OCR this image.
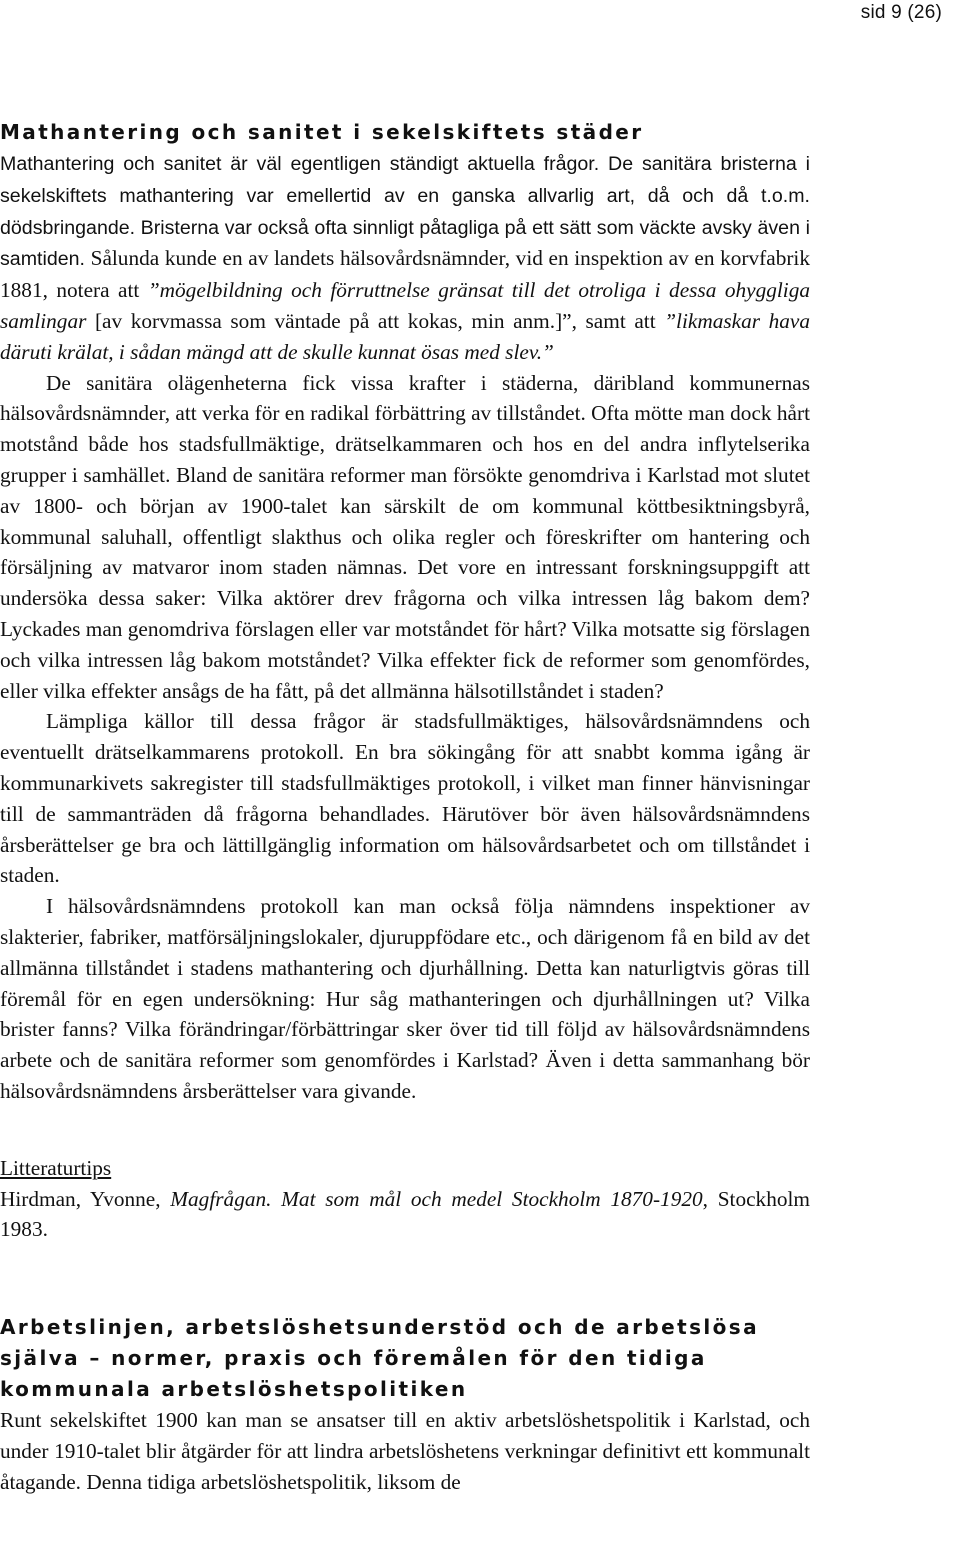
sid 9 (26)
Mathantering och sanitet i sekelskiftets städer

Mathantering och sanitet är väl egentligen ständigt aktuella frågor. De sanitära bristerna i sekelskiftets mathantering var emellertid av en ganska allvarlig art, då och då t.o.m. dödsbringande. Bristerna var också ofta sinnligt påtagliga på ett sätt som väckte avsky även i samtiden. Sålunda kunde en av landets hälsovårdsnämnder, vid en inspektion av en korvfabrik 1881, notera att ”mögelbildning och förruttnelse gränsat till det otroliga i dessa ohyggliga samlingar [av korvmassa som väntade på att kokas, min anm.]”, samt att ”likmaskar hava däruti krälat, i sådan mängd att de skulle kunnat ösas med slev.”

De sanitära olägenheterna fick vissa krafter i städerna, däribland kommunernas hälsovårdsnämnder, att verka för en radikal förbättring av tillståndet. Ofta mötte man dock hårt motstånd både hos stadsfullmäktige, drätselkammaren och hos en del andra inflytelserika grupper i samhället. Bland de sanitära reformer man försökte genomdriva i Karlstad mot slutet av 1800- och början av 1900-talet kan särskilt de om kommunal köttbesiktningsbyrå, kommunal saluhall, offentligt slakthus och olika regler och föreskrifter om hantering och försäljning av matvaror inom staden nämnas. Det vore en intressant forskningsuppgift att undersöka dessa saker: Vilka aktörer drev frågorna och vilka intressen låg bakom dem? Lyckades man genomdriva förslagen eller var motståndet för hårt? Vilka motsatte sig förslagen och vilka intressen låg bakom motståndet? Vilka effekter fick de reformer som genomfördes, eller vilka effekter ansågs de ha fått, på det allmänna hälsotillståndet i staden?

Lämpliga källor till dessa frågor är stadsfullmäktiges, hälsovårdsnämndens och eventuellt drätselkammarens protokoll. En bra sökingång för att snabbt komma igång är kommunarkivets sakregister till stadsfullmäktiges protokoll, i vilket man finner hänvisningar till de sammanträden då frågorna behandlades. Härutöver bör även hälsovårdsnämndens årsberättelser ge bra och lättillgänglig information om hälsovårdsarbetet och om tillståndet i staden.

I hälsovårdsnämndens protokoll kan man också följa nämndens inspektioner av slakterier, fabriker, matförsäljningslokaler, djuruppfödare etc., och därigenom få en bild av det allmänna tillståndet i stadens mathantering och djurhållning. Detta kan naturligtvis göras till föremål för en egen undersökning: Hur såg mathanteringen och djurhållningen ut? Vilka brister fanns? Vilka förändringar/förbättringar sker över tid till följd av hälsovårdsnämndens arbete och de sanitära reformer som genomfördes i Karlstad? Även i detta sammanhang bör hälsovårdsnämndens årsberättelser vara givande.

Litteraturtips

Hirdman, Yvonne, Magfrågan. Mat som mål och medel Stockholm 1870-1920, Stockholm 1983.

Arbetslinjen, arbetslöshetsunderstöd och de arbetslösa själva – normer, praxis och föremålen för den tidiga kommunala arbetslöshetspolitiken

Runt sekelskiftet 1900 kan man se ansatser till en aktiv arbetslöshetspolitik i Karlstad, och under 1910-talet blir åtgärder för att lindra arbetslöshetens verkningar definitivt ett kommunalt åtagande. Denna tidiga arbetslöshetspolitik, liksom de
